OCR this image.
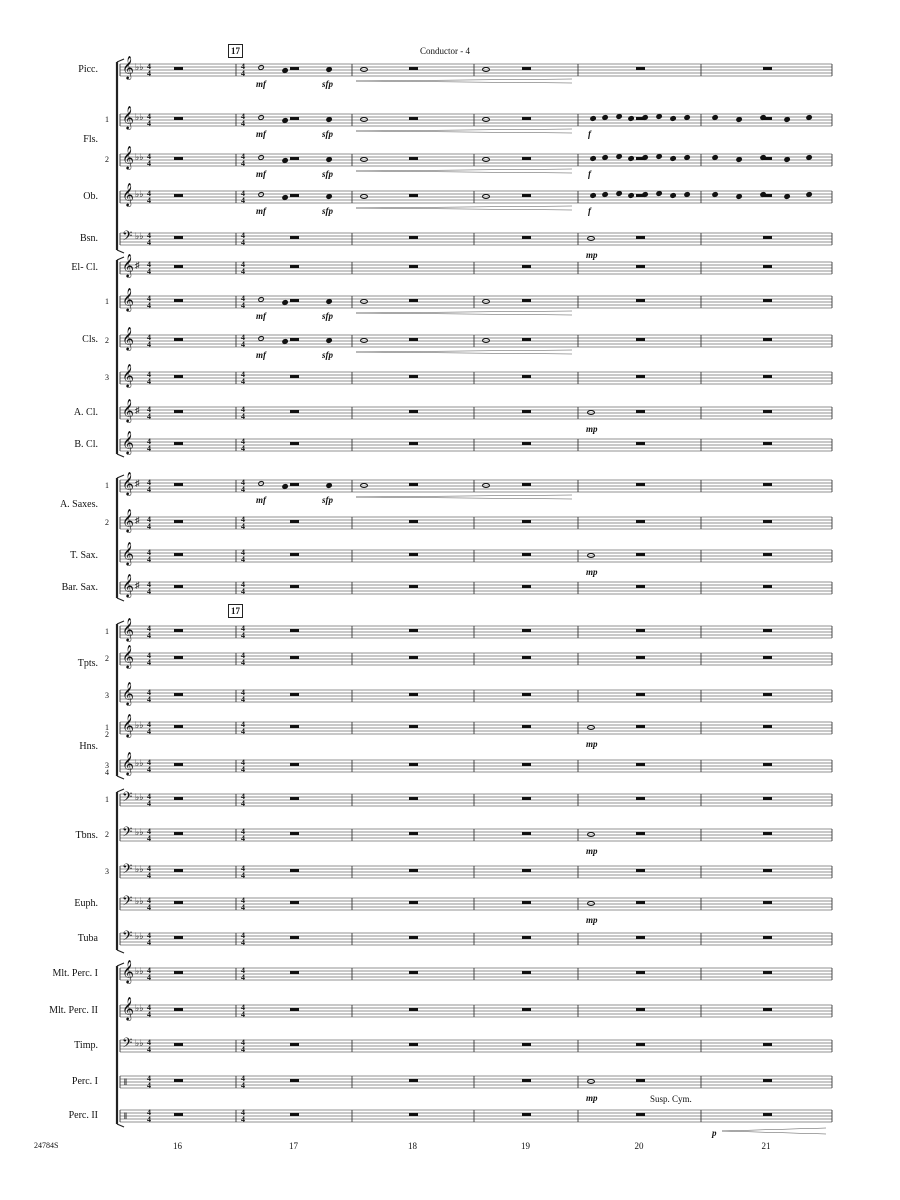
Conductor - 4
24784S
𝄞 ♭♭ 4
4
4
4
𝄞 ♭♭ 4
4
4
4
𝄞 ♭♭ 4
4
4
4
𝄞 ♭♭ 4
4
4
4
𝄢 ♭♭ 4
4
4
4
𝄞 ♯ 4
4
4
4
𝄞 4
4
4
4
𝄞 4
4
4
4
𝄞 4
4
4
4
𝄞 ♯ 4
4
4
4
𝄞 4
4
4
4
𝄞 ♯ 4
4
4
4
𝄞 ♯ 4
4
4
4
𝄞 4
4
4
4
𝄞 ♯ 4
4
4
4
𝄞 4
4
4
4
𝄞 4
4
4
4
𝄞 4
4
4
4
𝄞 ♭♭ 4
4
4
4
𝄞 ♭♭ 4
4
4
4
𝄢 ♭♭ 4
4
4
4
𝄢 ♭♭ 4
4
4
4
𝄢 ♭♭ 4
4
4
4
𝄢 ♭♭ 4
4
4
4
𝄢 ♭♭ 4
4
4
4
𝄞 ♭♭ 4
4
4
4
𝄞 ♭♭ 4
4
4
4
𝄢 ♭♭ 4
4
4
4
‖	4
4
4
4
‖	4
4
4
4
Picc.
Fls.
1
2
Ob.
Bsn.
El- Cl.
Cls.
1
2
3
A. Cl.
B. Cl.
A. Saxes.
1
2
T. Sax.
Bar. Sax.
Tpts.
1
2
3
Hns.
1
2
3
4
Tbns.
1
2
3
Euph.
Tuba
Mlt. Perc. I
Mlt. Perc. II
Timp.
Perc. I
Perc. II
17
17
16	17	18	19	20	21
mf	sfp
mf	sfp
mf	sfp
mf	sfp
mf	sfp
mf	sfp
mf	sfp
f
f
f
mp
mp
mp
mp
mp
mp
mp	Susp. Cym.
p
